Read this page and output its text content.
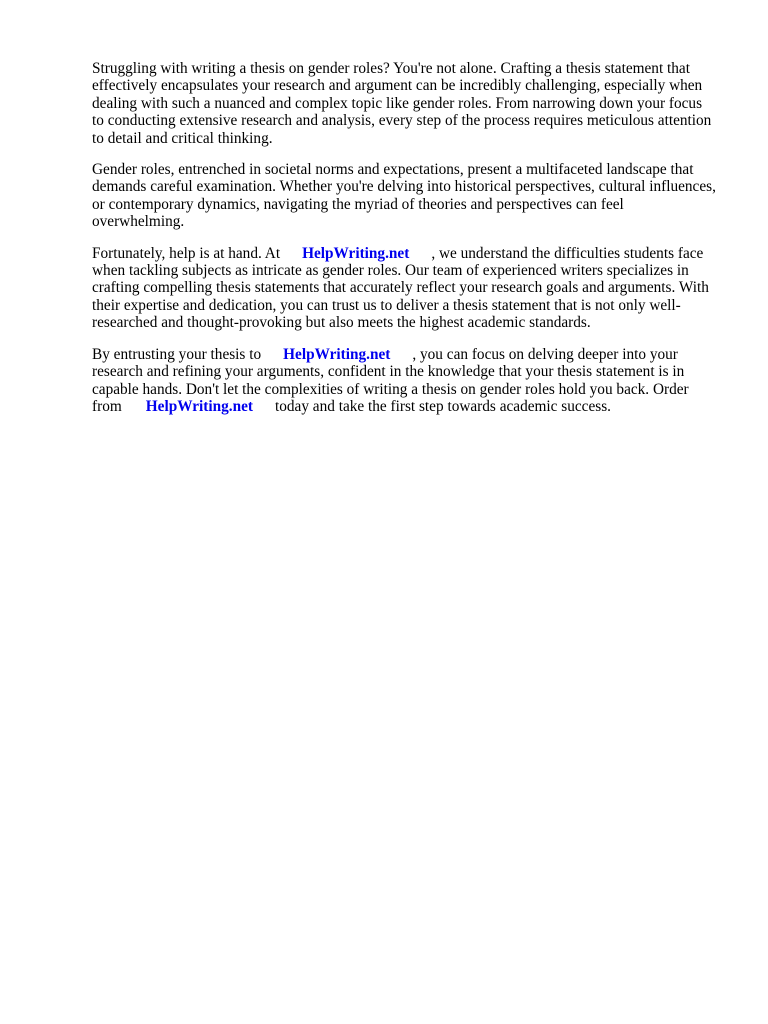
Struggling with writing a thesis on gender roles? You're not alone. Crafting a thesis statement that
effectively encapsulates your research and argument can be incredibly challenging, especially when
dealing with such a nuanced and complex topic like gender roles. From narrowing down your focus
to conducting extensive research and analysis, every step of the process requires meticulous attention
to detail and critical thinking.

Gender roles, entrenched in societal norms and expectations, present a multifaceted landscape that
demands careful examination. Whether you're delving into historical perspectives, cultural influences,
or contemporary dynamics, navigating the myriad of theories and perspectives can feel
overwhelming.

Fortunately, help is at hand. At HelpWriting.net , we understand the difficulties students face
when tackling subjects as intricate as gender roles. Our team of experienced writers specializes in
crafting compelling thesis statements that accurately reflect your research goals and arguments. With
their expertise and dedication, you can trust us to deliver a thesis statement that is not only well-
researched and thought-provoking but also meets the highest academic standards.

By entrusting your thesis to HelpWriting.net , you can focus on delving deeper into your
research and refining your arguments, confident in the knowledge that your thesis statement is in
capable hands. Don't let the complexities of writing a thesis on gender roles hold you back. Order
from HelpWriting.net today and take the first step towards academic success.
